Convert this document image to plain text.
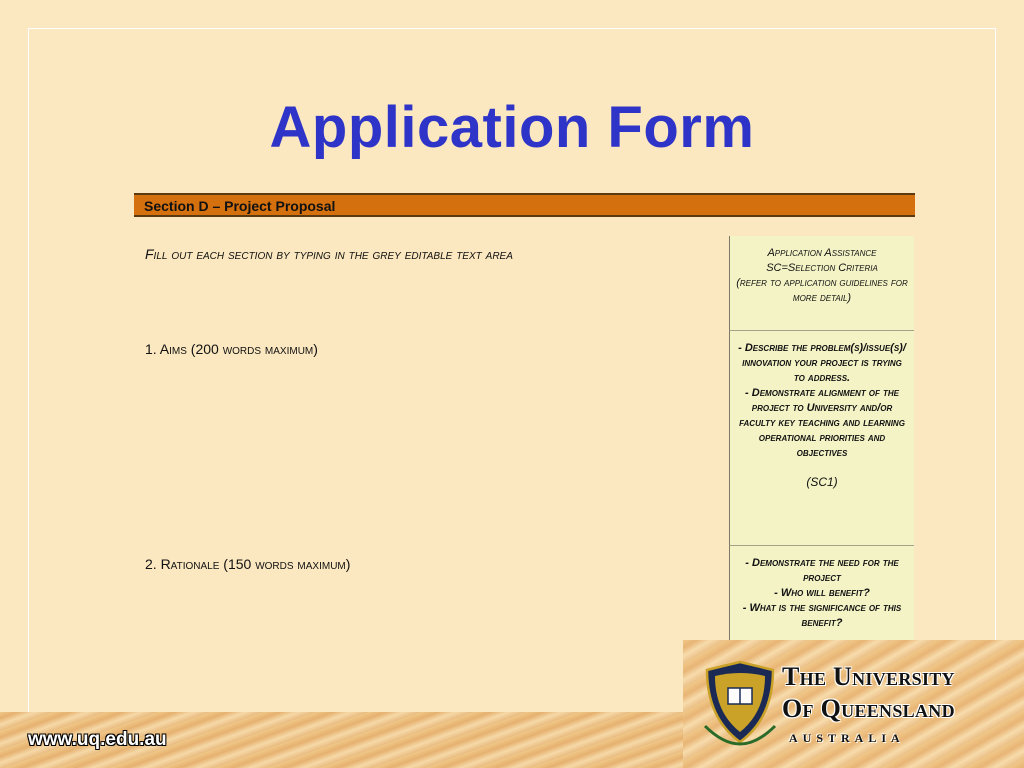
Application Form
Section D – Project Proposal
Fill out each section by typing in the grey editable text area
1. Aims (200 words maximum)
2. Rationale (150 words maximum)
Application Assistance
SC=Selection Criteria
(refer to application guidelines for more detail)
- Describe the problem(s)/issue(s)/ innovation your project is trying to address.
- Demonstrate alignment of the project to University and/or faculty key teaching and learning operational priorities and objectives
(SC1)
- Demonstrate the need for the project
- Who will benefit?
- What is the significance of this benefit?
www.uq.edu.au
The University
Of Queensland
AUSTRALIA
